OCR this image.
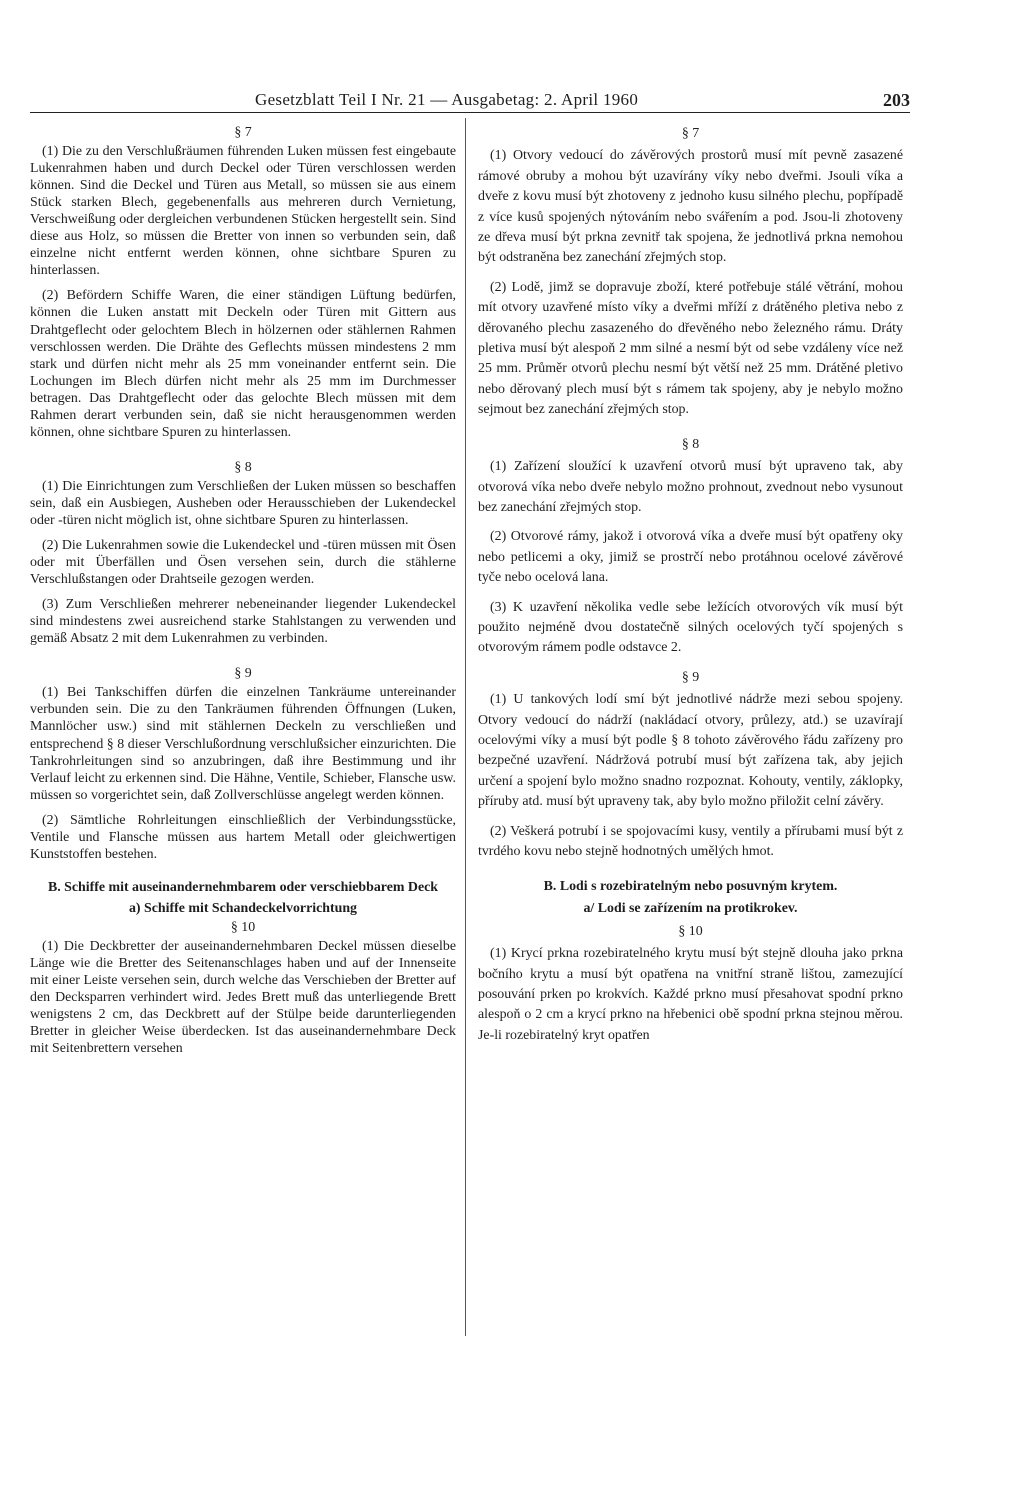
Gesetzblatt Teil I Nr. 21 — Ausgabetag: 2. April 1960	203
§ 7

(1) Die zu den Verschlußräumen führenden Luken müssen fest eingebaute Lukenrahmen haben und durch Deckel oder Türen verschlossen werden können. Sind die Deckel und Türen aus Metall, so müssen sie aus einem Stück starken Blech, gegebenenfalls aus mehreren durch Vernietung, Verschweißung oder dergleichen verbundenen Stücken hergestellt sein. Sind diese aus Holz, so müssen die Bretter von innen so verbunden sein, daß einzelne nicht entfernt werden können, ohne sichtbare Spuren zu hinterlassen.

(2) Befördern Schiffe Waren, die einer ständigen Lüftung bedürfen, können die Luken anstatt mit Deckeln oder Türen mit Gittern aus Drahtgeflecht oder gelochtem Blech in hölzernen oder stählernen Rahmen verschlossen werden. Die Drähte des Geflechts müssen mindestens 2 mm stark und dürfen nicht mehr als 25 mm voneinander entfernt sein. Die Lochungen im Blech dürfen nicht mehr als 25 mm im Durchmesser betragen. Das Drahtgeflecht oder das gelochte Blech müssen mit dem Rahmen derart verbunden sein, daß sie nicht herausgenommen werden können, ohne sichtbare Spuren zu hinterlassen.

§ 8

(1) Die Einrichtungen zum Verschließen der Luken müssen so beschaffen sein, daß ein Ausbiegen, Ausheben oder Herausschieben der Lukendeckel oder -türen nicht möglich ist, ohne sichtbare Spuren zu hinterlassen.

(2) Die Lukenrahmen sowie die Lukendeckel und -türen müssen mit Ösen oder mit Überfällen und Ösen versehen sein, durch die stählerne Verschlußstangen oder Drahtseile gezogen werden.

(3) Zum Verschließen mehrerer nebeneinander liegender Lukendeckel sind mindestens zwei ausreichend starke Stahlstangen zu verwenden und gemäß Absatz 2 mit dem Lukenrahmen zu verbinden.

§ 9

(1) Bei Tankschiffen dürfen die einzelnen Tankräume untereinander verbunden sein. Die zu den Tankräumen führenden Öffnungen (Luken, Mannlöcher usw.) sind mit stählernen Deckeln zu verschließen und entsprechend § 8 dieser Verschlußordnung verschlußsicher einzurichten. Die Tankrohrleitungen sind so anzubringen, daß ihre Bestimmung und ihr Verlauf leicht zu erkennen sind. Die Hähne, Ventile, Schieber, Flansche usw. müssen so vorgerichtet sein, daß Zollverschlüsse angelegt werden können.

(2) Sämtliche Rohrleitungen einschließlich der Verbindungsstücke, Ventile und Flansche müssen aus hartem Metall oder gleichwertigen Kunststoffen bestehen.

B. Schiffe mit auseinandernehmbarem oder verschiebbarem Deck
a) Schiffe mit Schandeckelvorrichtung
§ 10

(1) Die Deckbretter der auseinandernehmbaren Deckel müssen dieselbe Länge wie die Bretter des Seitenanschlages haben und auf der Innenseite mit einer Leiste versehen sein, durch welche das Verschieben der Bretter auf den Decksparren verhindert wird. Jedes Brett muß das unterliegende Brett wenigstens 2 cm, das Deckbrett auf der Stülpe beide darunterliegenden Bretter in gleicher Weise überdecken. Ist das auseinandernehmbare Deck mit Seitenbrettern versehen

§ 7

(1) Otvory vedoucí do závěrových prostorů musí mít pevně zasazené rámové obruby a mohou být uzavírány víky nebo dveřmi. Jsouli víka a dveře z kovu musí být zhotoveny z jednoho kusu silného plechu, popřípadě z více kusů spojených nýtováním nebo svářením a pod. Jsou-li zhotoveny ze dřeva musí být prkna zevnitř tak spojena, že jednotlivá prkna nemohou být odstraněna bez zanechání zřejmých stop.

(2) Lodě, jimž se dopravuje zboží, které potřebuje stálé větrání, mohou mít otvory uzavřené místo víky a dveřmi mříží z drátěného pletiva nebo z děrovaného plechu zasazeného do dřevěného nebo železného rámu. Dráty pletiva musí být alespoň 2 mm silné a nesmí být od sebe vzdáleny více než 25 mm. Průměr otvorů plechu nesmí být větší než 25 mm. Drátěné pletivo nebo děrovaný plech musí být s rámem tak spojeny, aby je nebylo možno sejmout bez zanechání zřejmých stop.

§ 8

(1) Zařízení sloužící k uzavření otvorů musí být upraveno tak, aby otvorová víka nebo dveře nebylo možno prohnout, zvednout nebo vysunout bez zanechání zřejmých stop.

(2) Otvorové rámy, jakož i otvorová víka a dveře musí být opatřeny oky nebo petlicemi a oky, jimiž se prostrčí nebo protáhnou ocelové závěrové tyče nebo ocelová lana.

(3) K uzavření několika vedle sebe ležících otvorových vík musí být použito nejméně dvou dostatečně silných ocelových tyčí spojených s otvorovým rámem podle odstavce 2.

§ 9

(1) U tankových lodí smí být jednotlivé nádrže mezi sebou spojeny. Otvory vedoucí do nádrží (nakládací otvory, průlezy, atd.) se uzavírají ocelovými víky a musí být podle § 8 tohoto závěrového řádu zařízeny pro bezpečné uzavření. Nádržová potrubí musí být zařízena tak, aby jejich určení a spojení bylo možno snadno rozpoznat. Kohouty, ventily, záklopky, příruby atd. musí být upraveny tak, aby bylo možno přiložit celní závěry.

(2) Veškerá potrubí i se spojovacími kusy, ventily a přírubami musí být z tvrdého kovu nebo stejně hodnotných umělých hmot.

B. Lodi s rozebiratelným nebo posuvným krytem.
a/ Lodi se zařízením na protikrokev.
§ 10

(1) Krycí prkna rozebiratelného krytu musí být stejně dlouha jako prkna bočního krytu a musí být opatřena na vnitřní straně lištou, zamezující posouvání prken po krokvích. Každé prkno musí přesahovat spodní prkno alespoň o 2 cm a krycí prkno na hřebenici obě spodní prkna stejnou měrou. Je-li rozebiratelný kryt opatřen
